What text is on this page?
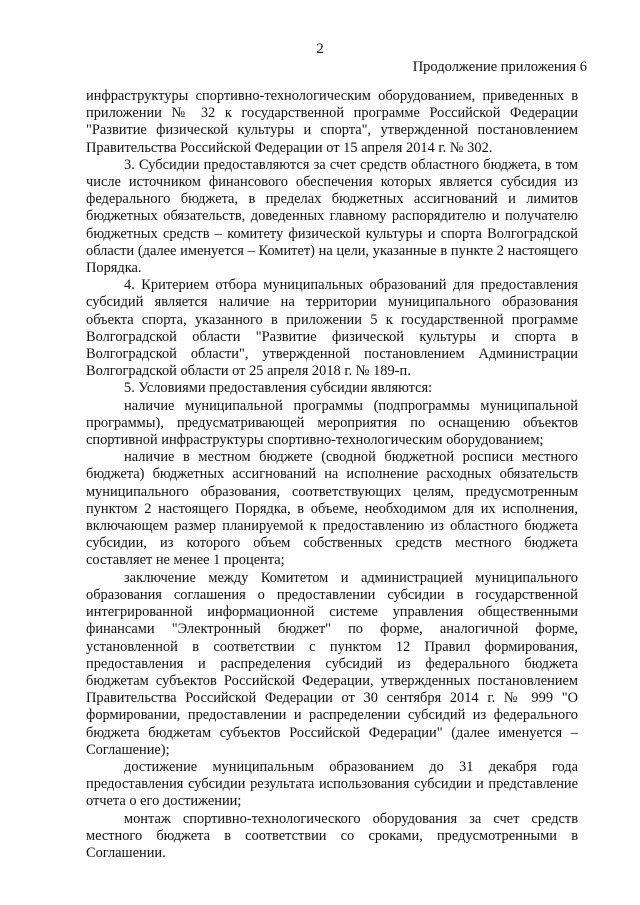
2
Продолжение приложения 6

инфраструктуры спортивно-технологическим оборудованием, приведенных в приложении № 32 к государственной программе Российской Федерации "Развитие физической культуры и спорта", утвержденной постановлением Правительства Российской Федерации от 15 апреля 2014 г. № 302.

3. Субсидии предоставляются за счет средств областного бюджета, в том числе источником финансового обеспечения которых является субсидия из федерального бюджета, в пределах бюджетных ассигнований и лимитов бюджетных обязательств, доведенных главному распорядителю и получателю бюджетных средств – комитету физической культуры и спорта Волгоградской области (далее именуется – Комитет) на цели, указанные в пункте 2 настоящего Порядка.

4. Критерием отбора муниципальных образований для предоставления субсидий является наличие на территории муниципального образования объекта спорта, указанного в приложении 5 к государственной программе Волгоградской области "Развитие физической культуры и спорта в Волгоградской области", утвержденной постановлением Администрации Волгоградской области от 25 апреля 2018 г. № 189-п.

5. Условиями предоставления субсидии являются:

наличие муниципальной программы (подпрограммы муниципальной программы), предусматривающей мероприятия по оснащению объектов спортивной инфраструктуры спортивно-технологическим оборудованием;

наличие в местном бюджете (сводной бюджетной росписи местного бюджета) бюджетных ассигнований на исполнение расходных обязательств муниципального образования, соответствующих целям, предусмотренным пунктом 2 настоящего Порядка, в объеме, необходимом для их исполнения, включающем размер планируемой к предоставлению из областного бюджета субсидии, из которого объем собственных средств местного бюджета составляет не менее 1 процента;

заключение между Комитетом и администрацией муниципального образования соглашения о предоставлении субсидии в государственной интегрированной информационной системе управления общественными финансами "Электронный бюджет" по форме, аналогичной форме, установленной в соответствии с пунктом 12 Правил формирования, предоставления и распределения субсидий из федерального бюджета бюджетам субъектов Российской Федерации, утвержденных постановлением Правительства Российской Федерации от 30 сентября 2014 г. № 999 "О формировании, предоставлении и распределении субсидий из федерального бюджета бюджетам субъектов Российской Федерации" (далее именуется – Соглашение);

достижение муниципальным образованием до 31 декабря года предоставления субсидии результата использования субсидии и представление отчета о его достижении;

монтаж спортивно-технологического оборудования за счет средств местного бюджета в соответствии со сроками, предусмотренными в Соглашении.
